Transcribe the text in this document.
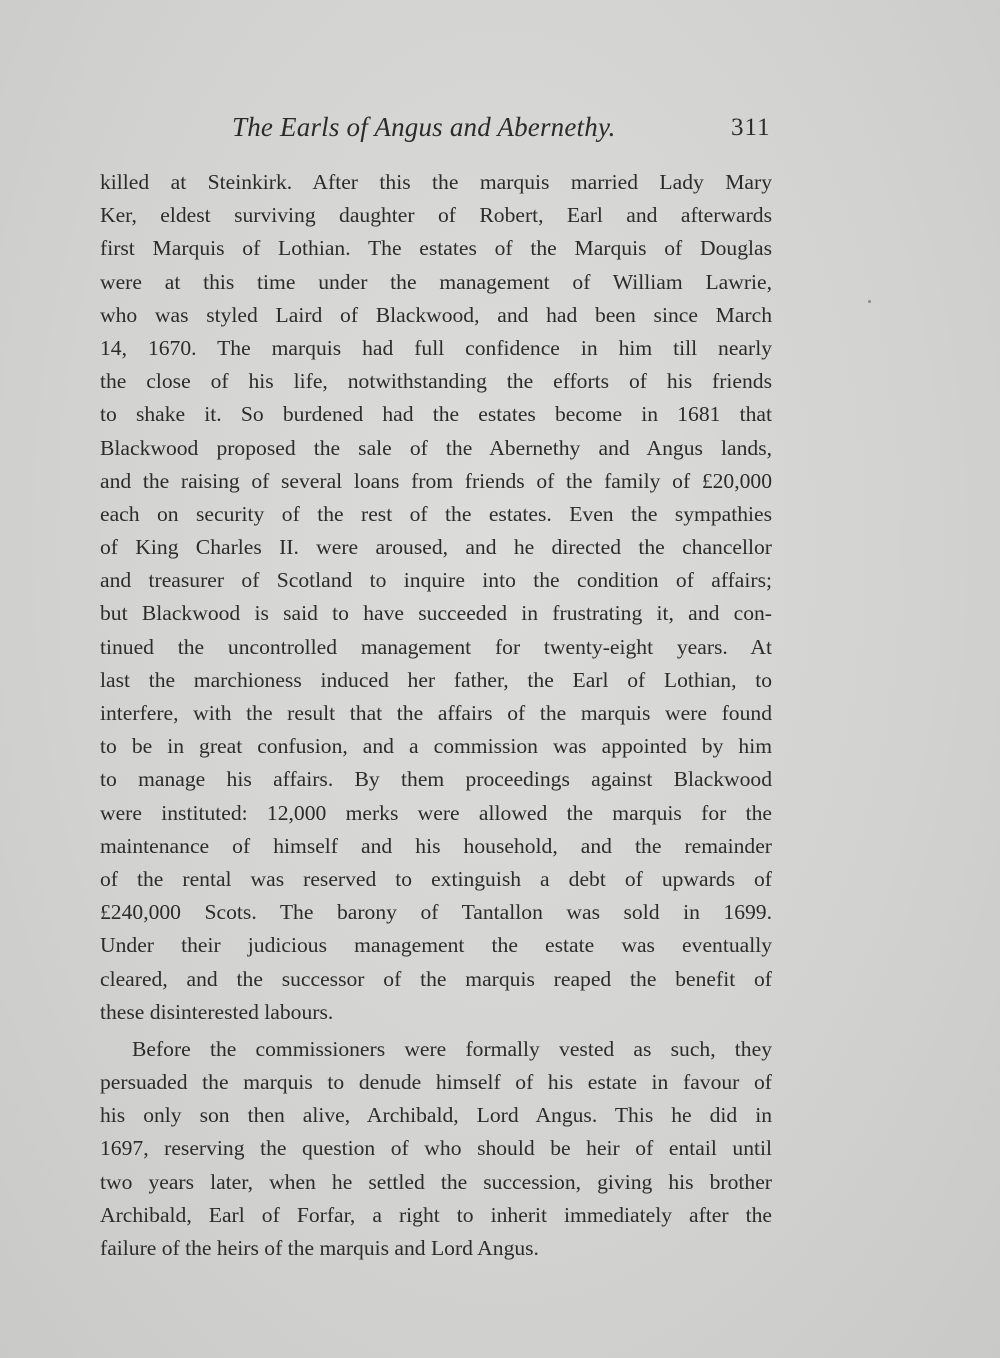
The Earls of Angus and Abernethy.	311
killed at Steinkirk. After this the marquis married Lady Mary
Ker, eldest surviving daughter of Robert, Earl and afterwards
first Marquis of Lothian. The estates of the Marquis of Douglas
were at this time under the management of William Lawrie,
who was styled Laird of Blackwood, and had been since March
14, 1670. The marquis had full confidence in him till nearly
the close of his life, notwithstanding the efforts of his friends
to shake it. So burdened had the estates become in 1681 that
Blackwood proposed the sale of the Abernethy and Angus lands,
and the raising of several loans from friends of the family of £20,000
each on security of the rest of the estates. Even the sympathies
of King Charles II. were aroused, and he directed the chancellor
and treasurer of Scotland to inquire into the condition of affairs;
but Blackwood is said to have succeeded in frustrating it, and con-
tinued the uncontrolled management for twenty-eight years. At
last the marchioness induced her father, the Earl of Lothian, to
interfere, with the result that the affairs of the marquis were found
to be in great confusion, and a commission was appointed by him
to manage his affairs. By them proceedings against Blackwood
were instituted: 12,000 merks were allowed the marquis for the
maintenance of himself and his household, and the remainder
of the rental was reserved to extinguish a debt of upwards of
£240,000 Scots. The barony of Tantallon was sold in 1699.
Under their judicious management the estate was eventually
cleared, and the successor of the marquis reaped the benefit of
these disinterested labours.
Before the commissioners were formally vested as such, they
persuaded the marquis to denude himself of his estate in favour of
his only son then alive, Archibald, Lord Angus. This he did in
1697, reserving the question of who should be heir of entail until
two years later, when he settled the succession, giving his brother
Archibald, Earl of Forfar, a right to inherit immediately after the
failure of the heirs of the marquis and Lord Angus.
